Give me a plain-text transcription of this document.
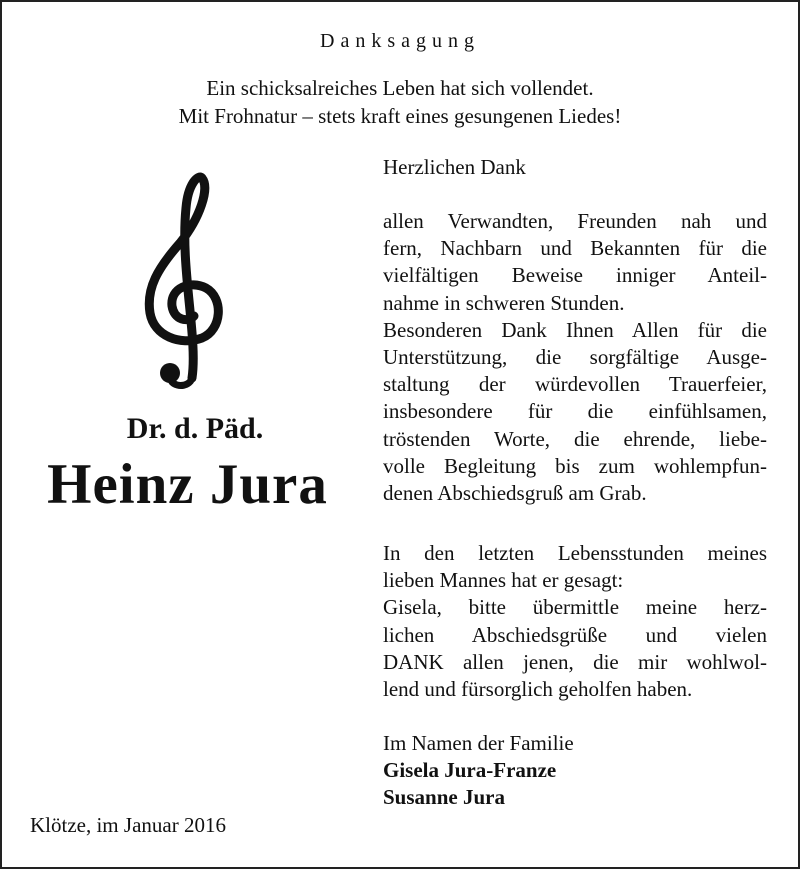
Danksagung
Ein schicksalreiches Leben hat sich vollendet.
Mit Frohnatur – stets kraft eines gesungenen Liedes!
Dr. d. Päd.
Heinz Jura
Klötze, im Januar 2016
Herzlichen Dank
allen Verwandten, Freunden nah und
fern, Nachbarn und Bekannten für die
vielfältigen Beweise inniger Anteil-
nahme in schweren Stunden.
Besonderen Dank Ihnen Allen für die
Unterstützung, die sorgfältige Ausge-
staltung der würdevollen Trauerfeier,
insbesondere für die einfühlsamen,
tröstenden Worte, die ehrende, liebe-
volle Begleitung bis zum wohlempfun-
denen Abschiedsgruß am Grab.
In den letzten Lebensstunden meines
lieben Mannes hat er gesagt:
Gisela, bitte übermittle meine herz-
lichen Abschiedsgrüße und vielen
DANK allen jenen, die mir wohlwol-
lend und fürsorglich geholfen haben.
Im Namen der Familie
Gisela Jura-Franze
Susanne Jura
